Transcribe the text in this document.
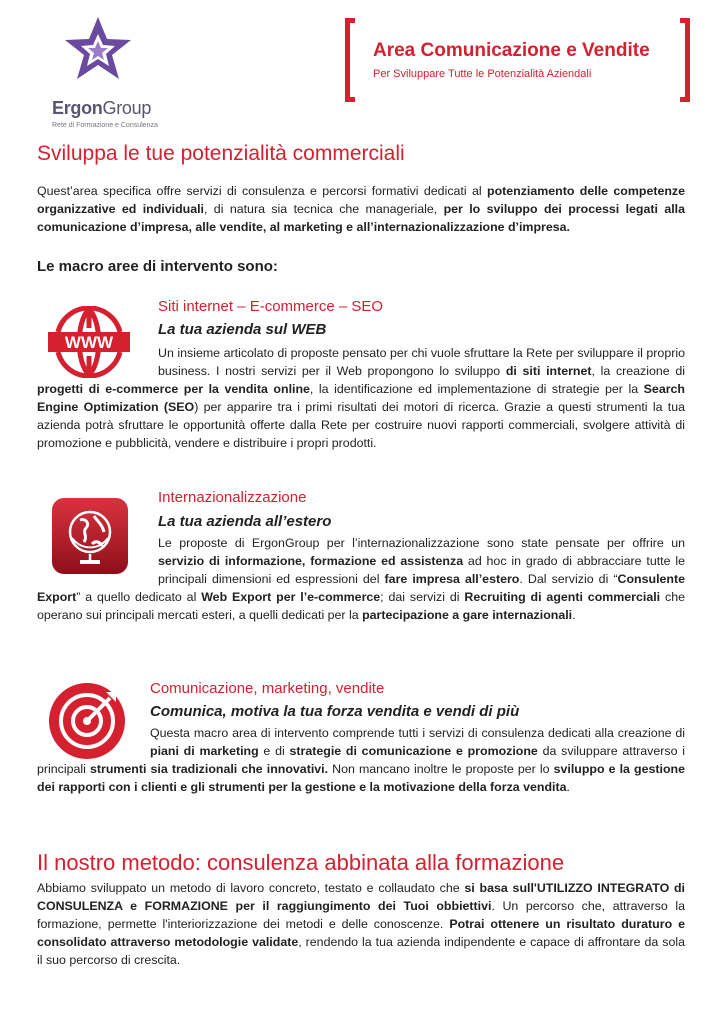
ErgonGroup
Rete di Formazione e Consulenza
Area Comunicazione e Vendite
Per Sviluppare Tutte le Potenzialità Aziendali
Sviluppa le tue potenzialità commerciali
Quest’area specifica offre servizi di consulenza e percorsi formativi dedicati al potenziamento delle competenze organizzative ed individuali, di natura sia tecnica che manageriale, per lo sviluppo dei processi legati alla comunicazione d’impresa, alle vendite, al marketing e all’internazionalizzazione d’impresa.
Le macro aree di intervento sono:
WWW
Siti internet – E-commerce – SEO
La tua azienda sul WEB
Un insieme articolato di proposte pensato per chi vuole sfruttare la Rete per sviluppare il proprio business. I nostri servizi per il Web propongono lo sviluppo di siti internet, la creazione di progetti di e-commerce per la vendita online, la identificazione ed implementazione di strategie per la Search Engine Optimization (SEO) per apparire tra i primi risultati dei motori di ricerca. Grazie a questi strumenti la tua azienda potrà sfruttare le opportunità offerte dalla Rete per costruire nuovi rapporti commerciali, svolgere attività di promozione e pubblicità, vendere e distribuire i propri prodotti.
Internazionalizzazione
La tua azienda all’estero
Le proposte di ErgonGroup per l’internazionalizzazione sono state pensate per offrire un servizio di informazione, formazione ed assistenza ad hoc in grado di abbracciare tutte le principali dimensioni ed espressioni del fare impresa all’estero. Dal servizio di “Consulente Export” a quello dedicato al Web Export per l’e-commerce; dai servizi di Recruiting di agenti commerciali che operano sui principali mercati esteri, a quelli dedicati per la partecipazione a gare internazionali.
Comunicazione, marketing, vendite
Comunica, motiva la tua forza vendita e vendi di più
Questa macro area di intervento comprende tutti i servizi di consulenza dedicati alla creazione di piani di marketing e di strategie di comunicazione e promozione da sviluppare attraverso i principali strumenti sia tradizionali che innovativi. Non mancano inoltre le proposte per lo sviluppo e la gestione dei rapporti con i clienti e gli strumenti per la gestione e la motivazione della forza vendita.
Il nostro metodo: consulenza abbinata alla formazione
Abbiamo sviluppato un metodo di lavoro concreto, testato e collaudato che si basa sull'UTILIZZO INTEGRATO di CONSULENZA e FORMAZIONE per il raggiungimento dei Tuoi obbiettivi. Un percorso che, attraverso la formazione, permette l'interiorizzazione dei metodi e delle conoscenze. Potrai ottenere un risultato duraturo e consolidato attraverso metodologie validate, rendendo la tua azienda indipendente e capace di affrontare da sola il suo percorso di crescita.
